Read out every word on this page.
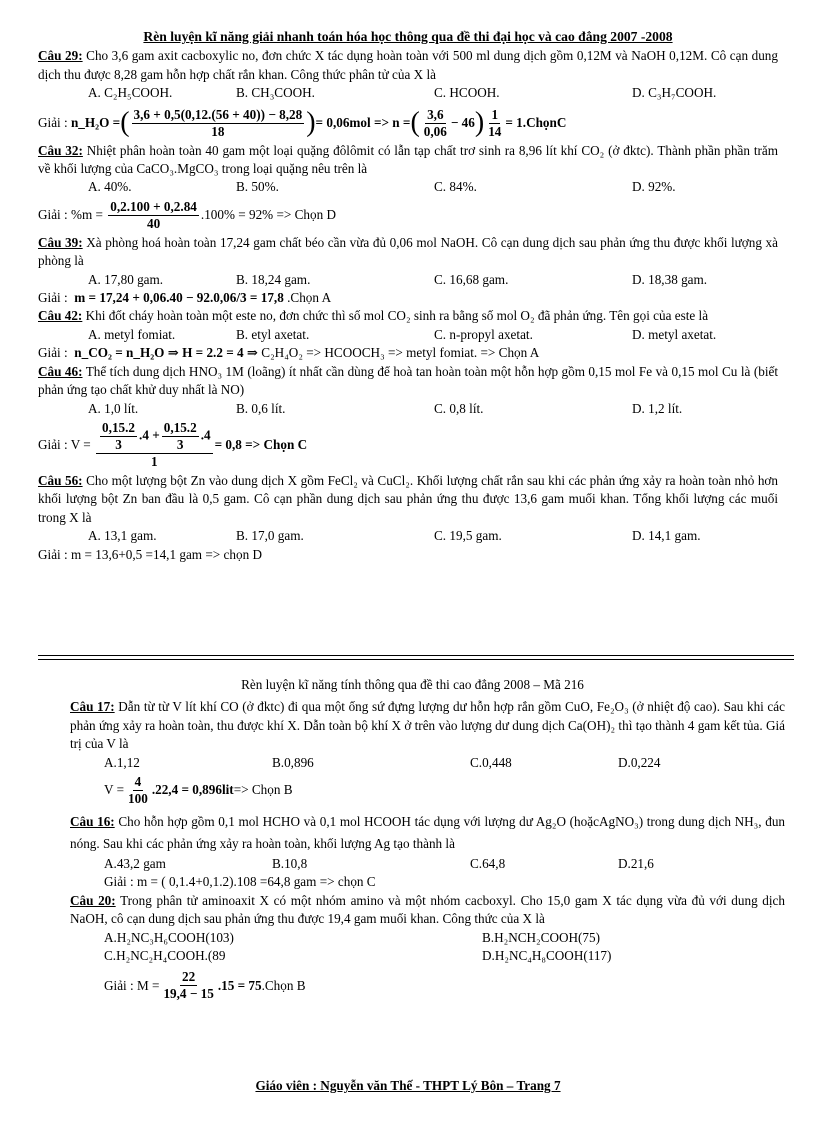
Rèn luyện kĩ năng giải nhanh toán hóa học thông qua đề thi đại học và cao đẳng 2007 -2008

Câu 29: Cho 3,6 gam axit cacboxylic no, đơn chức X tác dụng hoàn toàn với 500 ml dung dịch gồm 0,12M và NaOH 0,12M. Cô cạn dung dịch thu được 8,28 gam hỗn hợp chất rắn khan. Công thức phân tử của X là

A. C₂H₅COOH.	B. CH₃COOH.	C. HCOOH.	D. C₃H₇COOH.
Giải :
n_H₂O = ( $\frac{3,6 + 0,5(0,12.(56 + 40)) - 8,28}{18}$ ) = 0,06mol => n = ( $\frac{3,6}{0,06} - 46$ ) $\frac{1}{14}$ = 1.ChọnC

Câu 32: Nhiệt phân hoàn toàn 40 gam một loại quặng đôlômit có lẫn tạp chất trơ sinh ra 8,96 lít khí CO₂ (ở đktc). Thành phần phần trăm về khối lượng của CaCO₃.MgCO₃ trong loại quặng nêu trên là

A. 40%.	B. 50%.	C. 84%.	D. 92%.
Giải : %m =
$\frac{0,2.100 + 0,2.84}{40} .100\% = 92\%$ => Chọn D

Câu 39: Xà phòng hoá hoàn toàn 17,24 gam chất béo cần vừa đủ 0,06 mol NaOH. Cô cạn dung dịch sau phản ứng thu được khối lượng xà phòng là

A. 17,80 gam.	B. 18,24 gam.	C. 16,68 gam.	D. 18,38 gam.
Giải : m = 17,24 + 0,06.40 − 92.0,06/3 = 17,8 .Chọn A

Câu 42: Khi đốt cháy hoàn toàn một este no, đơn chức thì số mol CO₂ sinh ra bằng số mol O₂ đã phản ứng. Tên gọi của este là

A. metyl fomiat.	B. etyl axetat.	C. n-propyl axetat.	D. metyl axetat.
Giải : n_CO₂ = n_H₂O ⇒ H = 2.2 = 4 ⇒ C₂H₄O₂ => HCOOCH₃ => metyl fomiat. => Chọn A

Câu 46: Thể tích dung dịch HNO₃ 1M (loãng) ít nhất cần dùng để hoà tan hoàn toàn một hỗn hợp gồm 0,15 mol Fe và 0,15 mol Cu là (biết phản ứng tạo chất khử duy nhất là NO)

A. 1,0 lít.	B. 0,6 lít.	C. 0,8 lít.	D. 1,2 lít.
Giải : V =
$\frac{\frac{0,15.2}{3} .4 + \frac{0,15.2}{3} .4}{1} = 0,8$ => Chọn C

Câu 56: Cho một lượng bột Zn vào dung dịch X gồm FeCl₂ và CuCl₂. Khối lượng chất rắn sau khi các phản ứng xảy ra hoàn toàn nhỏ hơn khối lượng bột Zn ban đầu là 0,5 gam. Cô cạn phần dung dịch sau phản ứng thu được 13,6 gam muối khan. Tổng khối lượng các muối trong X là

A. 13,1 gam.	B. 17,0 gam.	C. 19,5 gam.	D. 14,1 gam.
Giải : m = 13,6+0,5 =14,1 gam => chọn D
Rèn luyện kĩ năng tính thông qua đề thi cao đẳng 2008 – Mã 216

Câu 17: Dẫn từ từ V lít khí CO (ở đktc) đi qua một ống sứ đựng lượng dư hỗn hợp rắn gồm CuO, Fe₂O₃ (ở nhiệt độ cao). Sau khi các phản ứng xảy ra hoàn toàn, thu được khí X. Dẫn toàn bộ khí X ở trên vào lượng dư dung dịch Ca(OH)₂ thì tạo thành 4 gam kết tủa. Giá trị của V là

A.1,12	B.0,896	C.0,448	D.0,224
$V = \frac{4}{100} .22,4 = 0,896lit$ => Chọn B

Câu 16: Cho hỗn hợp gồm 0,1 mol HCHO và 0,1 mol HCOOH tác dụng với lượng dư Ag₂O (hoặcAgNO₃) trong dung dịch NH₃, đun nóng. Sau khi các phản ứng xảy ra hoàn toàn, khối lượng Ag tạo thành là

A.43,2 gam	B.10,8	C.64,8	D.21,6
Giải : m = ( 0,1.4+0,1.2).108 =64,8 gam => chọn C

Câu 20: Trong phân tử aminoaxit X có một nhóm amino và một nhóm cacboxyl. Cho 15,0 gam X tác dụng vừa đủ với dung dịch NaOH, cô cạn dung dịch sau phản ứng thu được 19,4 gam muối khan. Công thức của X là

A.H₂NC₃H₆COOH(103)	B.H₂NCH₂COOH(75)
C.H₂NC₂H₄COOH.(89	D.H₂NC₄H₈COOH(117)
Giải : $M = \frac{22}{19,4 - 15} .15 = 75$ .Chọn B
Giáo viên : Nguyễn văn Thế - THPT Lý Bôn – Trang 7
